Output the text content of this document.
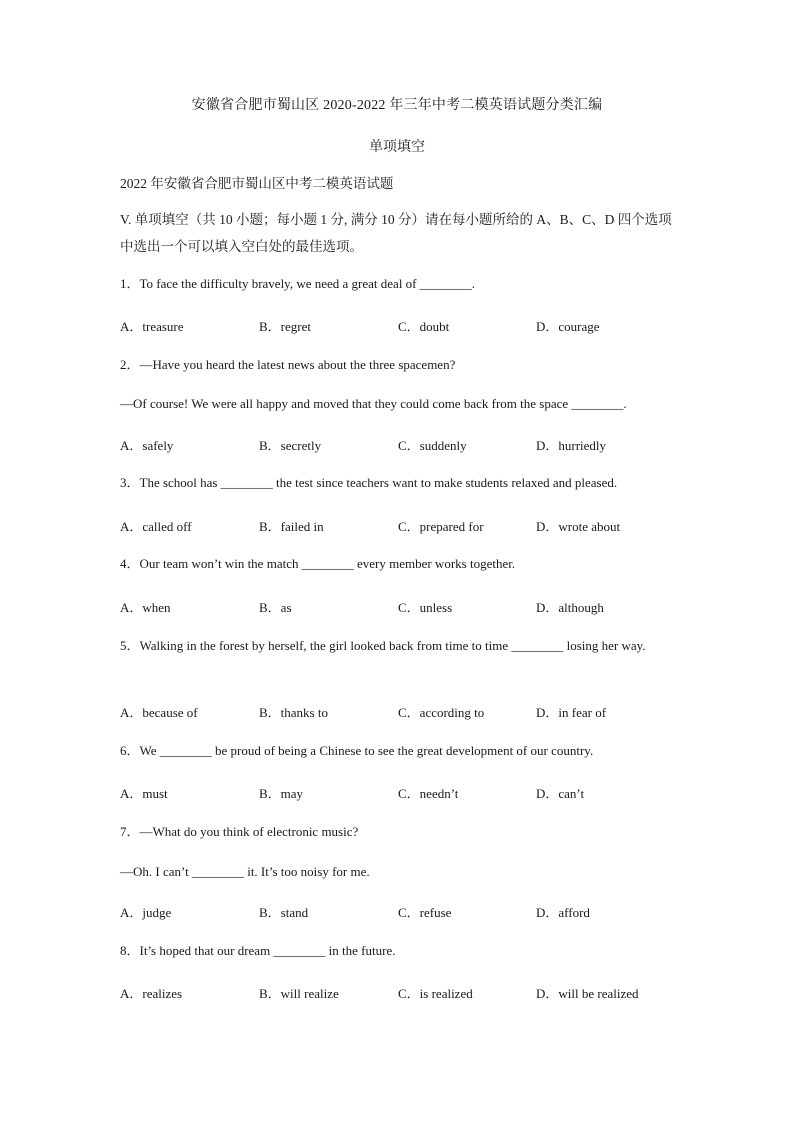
安徽省合肥市蜀山区 2020-2022 年三年中考二模英语试题分类汇编
单项填空
2022 年安徽省合肥市蜀山区中考二模英语试题
V. 单项填空（共 10 小题；每小题 1 分, 满分 10 分）请在每小题所给的 A、B、C、D 四个选项中选出一个可以填入空白处的最佳选项。
1．To face the difficulty bravely, we need a great deal of ________.
A．treasure	B．regret	C．doubt	D．courage
2．—Have you heard the latest news about the three spacemen?
—Of course! We were all happy and moved that they could come back from the space ________.
A．safely	B．secretly	C．suddenly	D．hurriedly
3．The school has ________ the test since teachers want to make students relaxed and pleased.
A．called off	B．failed in	C．prepared for	D．wrote about
4．Our team won’t win the match ________ every member works together.
A．when	B．as	C．unless	D．although
5．Walking in the forest by herself, the girl looked back from time to time ________ losing her way.
A．because of	B．thanks to	C．according to	D．in fear of
6．We ________ be proud of being a Chinese to see the great development of our country.
A．must	B．may	C．needn’t	D．can’t
7．—What do you think of electronic music?
—Oh. I can’t ________ it. It’s too noisy for me.
A．judge	B．stand	C．refuse	D．afford
8．It’s hoped that our dream ________ in the future.
A．realizes	B．will realize	C．is realized	D．will be realized
